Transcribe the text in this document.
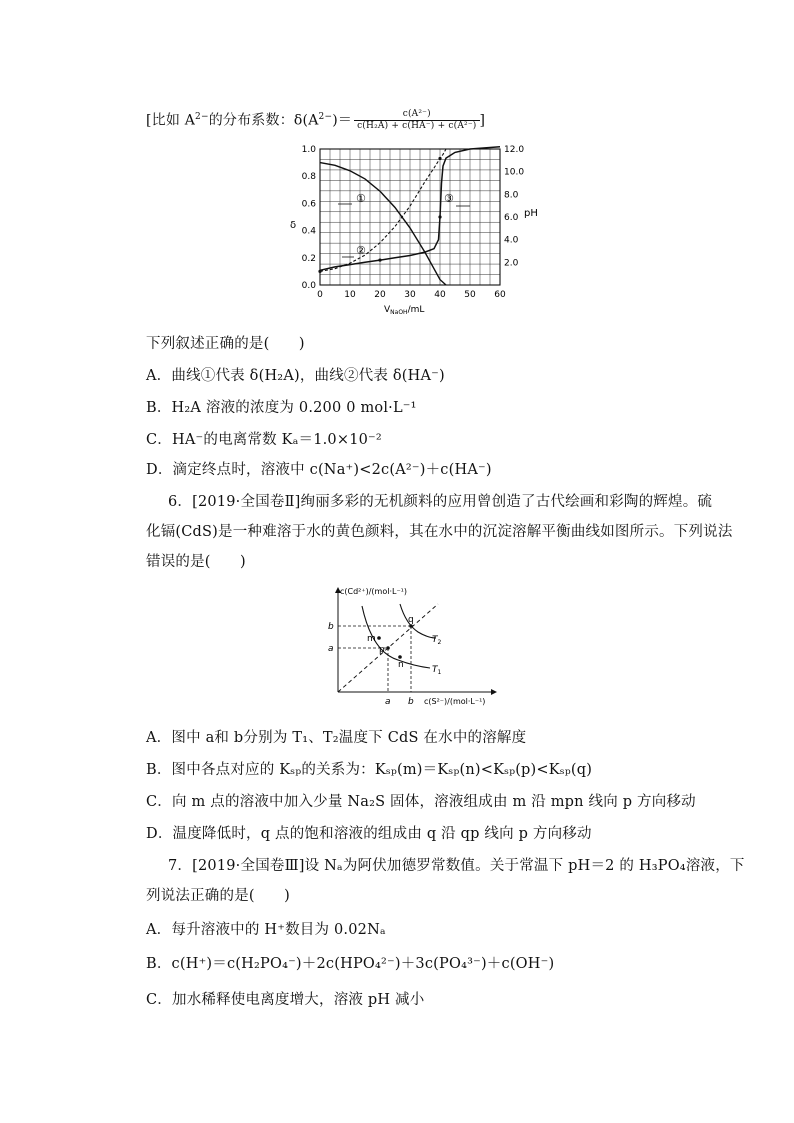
[比如 $A^{2-}$的分布系数：$\delta(A^{2-})= \frac{\text{c(A²⁻)}}{\text{c(H₂A) + c(HA⁻) + c(A²⁻)}}$ ]
0 10 20 30 40 50 60
0.0
0.2
0.4
0.6
0.8
1.0
2.0
4.0
6.0
8.0
10.0
12.0
δ
pH
①
②
③
$V_{NaOH}/mL$
下列叙述正确的是(　　)
A．曲线①代表 δ(H₂A)，曲线②代表 δ(HA⁻)
B．H₂A 溶液的浓度为 0.200 0 mol·L⁻¹
C．HA⁻的电离常数 Kₐ＝1.0×10⁻²
D．滴定终点时，溶液中 c(Na⁺)<2c(A²⁻)＋c(HA⁻)
6．[2019·全国卷Ⅱ]绚丽多彩的无机颜料的应用曾创造了古代绘画和彩陶的辉煌。硫
化镉(CdS)是一种难溶于水的黄色颜料，其在水中的沉淀溶解平衡曲线如图所示。下列说法
错误的是(　　)
m
p
n
q
$T_1$
$T_2$
b
a
a b
c(Cd²⁺)/(mol·L⁻¹)
c(S²⁻)/(mol·L⁻¹)
A．图中 a和 b分别为 T₁、T₂温度下 CdS 在水中的溶解度
B．图中各点对应的 Kₛₚ的关系为：Kₛₚ(m)＝Kₛₚ(n)<Kₛₚ(p)<Kₛₚ(q)
C．向 m 点的溶液中加入少量 Na₂S 固体，溶液组成由 m 沿 mpn 线向 p 方向移动
D．温度降低时，q 点的饱和溶液的组成由 q 沿 qp 线向 p 方向移动
7．[2019·全国卷Ⅲ]设 Nₐ为阿伏加德罗常数值。关于常温下 pH＝2 的 H₃PO₄溶液，下
列说法正确的是(　　)
A．每升溶液中的 H⁺数目为 0.02Nₐ
B．c(H⁺)＝c(H₂PO₄⁻)＋2c(HPO₄²⁻)＋3c(PO₄³⁻)＋c(OH⁻)
C．加水稀释使电离度增大，溶液 pH 减小
